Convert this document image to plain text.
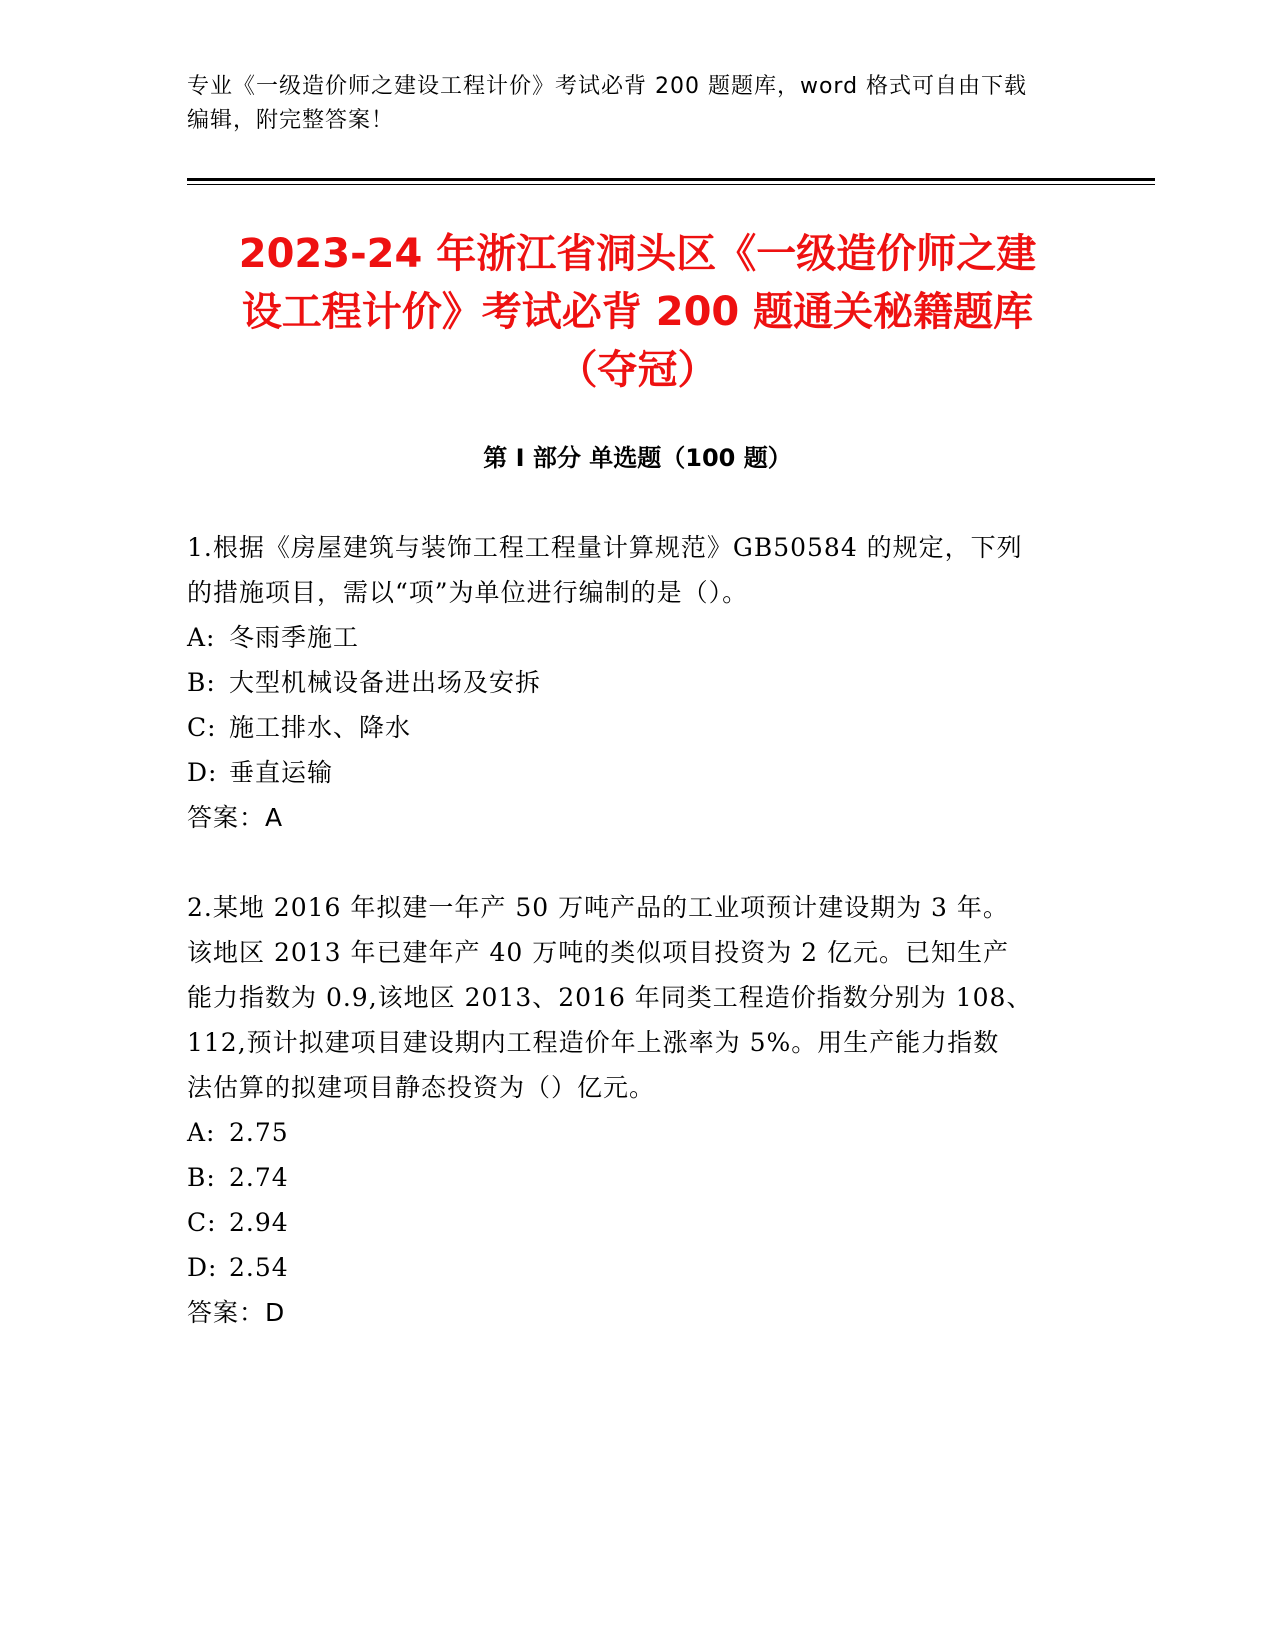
专业《一级造价师之建设工程计价》考试必背 200 题题库，word 格式可自由下载
编辑，附完整答案！
2023-24 年浙江省洞头区《一级造价师之建
设工程计价》考试必背 200 题通关秘籍题库
（夺冠）
第 I 部分 单选题（100 题）

1.根据《房屋建筑与装饰工程工程量计算规范》GB50584 的规定，下列

的措施项目，需以“项”为单位进行编制的是（）。

A: 冬雨季施工

B: 大型机械设备进出场及安拆

C: 施工排水、降水

D: 垂直运输

答案：A

2.某地 2016 年拟建一年产 50 万吨产品的工业项预计建设期为 3 年。

该地区 2013 年已建年产 40 万吨的类似项目投资为 2 亿元。已知生产

能力指数为 0.9,该地区 2013、2016 年同类工程造价指数分别为 108、

112,预计拟建项目建设期内工程造价年上涨率为 5%。用生产能力指数

法估算的拟建项目静态投资为（）亿元。

A: 2.75

B: 2.74

C: 2.94

D: 2.54

答案：D
